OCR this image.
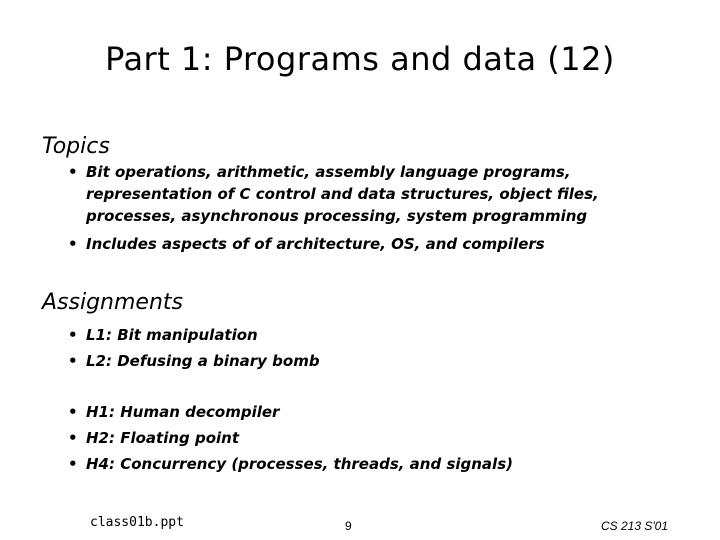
Part 1: Programs and data (12)
Topics
• Bit operations, arithmetic, assembly language programs, representation of C control and data structures, object files, processes, asynchronous processing, system programming
• Includes aspects of of architecture, OS, and compilers
Assignments
• L1: Bit manipulation
• L2: Defusing a binary bomb
• H1: Human decompiler
• H2: Floating point
• H4: Concurrency (processes, threads, and signals)
class01b.ppt	9	CS 213 S'01
